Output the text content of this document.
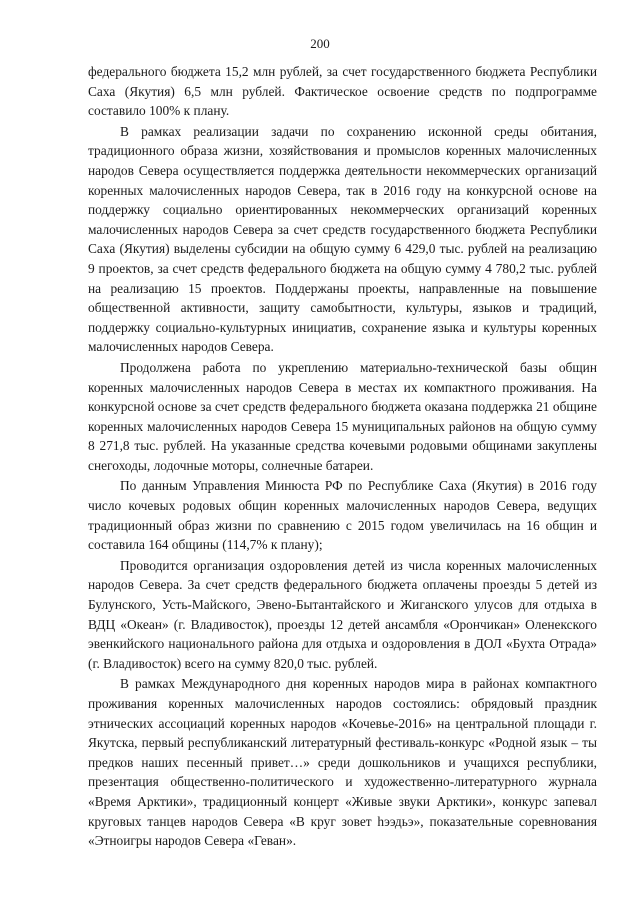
200

федерального бюджета 15,2 млн рублей, за счет государственного бюджета Республики Саха (Якутия) 6,5 млн рублей. Фактическое освоение средств по подпрограмме составило 100% к плану.

В рамках реализации задачи по сохранению исконной среды обитания, традиционного образа жизни, хозяйствования и промыслов коренных малочисленных народов Севера осуществляется поддержка деятельности некоммерческих организаций коренных малочисленных народов Севера, так в 2016 году на конкурсной основе на поддержку социально ориентированных некоммерческих организаций коренных малочисленных народов Севера за счет средств государственного бюджета Республики Саха (Якутия) выделены субсидии на общую сумму 6 429,0 тыс. рублей на реализацию 9 проектов, за счет средств федерального бюджета на общую сумму 4 780,2 тыс. рублей на реализацию 15 проектов. Поддержаны проекты, направленные на повышение общественной активности, защиту самобытности, культуры, языков и традиций, поддержку социально-культурных инициатив, сохранение языка и культуры коренных малочисленных народов Севера.

Продолжена работа по укреплению материально-технической базы общин коренных малочисленных народов Севера в местах их компактного проживания. На конкурсной основе за счет средств федерального бюджета оказана поддержка 21 общине коренных малочисленных народов Севера 15 муниципальных районов на общую сумму 8 271,8 тыс. рублей. На указанные средства кочевыми родовыми общинами закуплены снегоходы, лодочные моторы, солнечные батареи.

По данным Управления Минюста РФ по Республике Саха (Якутия) в 2016 году число кочевых родовых общин коренных малочисленных народов Севера, ведущих традиционный образ жизни по сравнению с 2015 годом увеличилась на 16 общин и составила 164 общины (114,7% к плану);

Проводится организация оздоровления детей из числа коренных малочисленных народов Севера. За счет средств федерального бюджета оплачены проезды 5 детей из Булунского, Усть-Майского, Эвено-Бытантайского и Жиганского улусов для отдыха в ВДЦ «Океан» (г. Владивосток), проезды 12 детей ансамбля «Орончикан» Оленекского эвенкийского национального района для отдыха и оздоровления в ДОЛ «Бухта Отрада» (г. Владивосток) всего на сумму 820,0 тыс. рублей.

В рамках Международного дня коренных народов мира в районах компактного проживания коренных малочисленных народов состоялись: обрядовый праздник этнических ассоциаций коренных народов «Кочевье-2016» на центральной площади г. Якутска, первый республиканский литературный фестиваль-конкурс «Родной язык – ты предков наших песенный привет…» среди дошкольников и учащихся республики, презентация общественно-политического и художественно-литературного журнала «Время Арктики», традиционный концерт «Живые звуки Арктики», конкурс запевал круговых танцев народов Севера «В круг зовет һээдьэ», показательные соревнования «Этноигры народов Севера «Геван».
